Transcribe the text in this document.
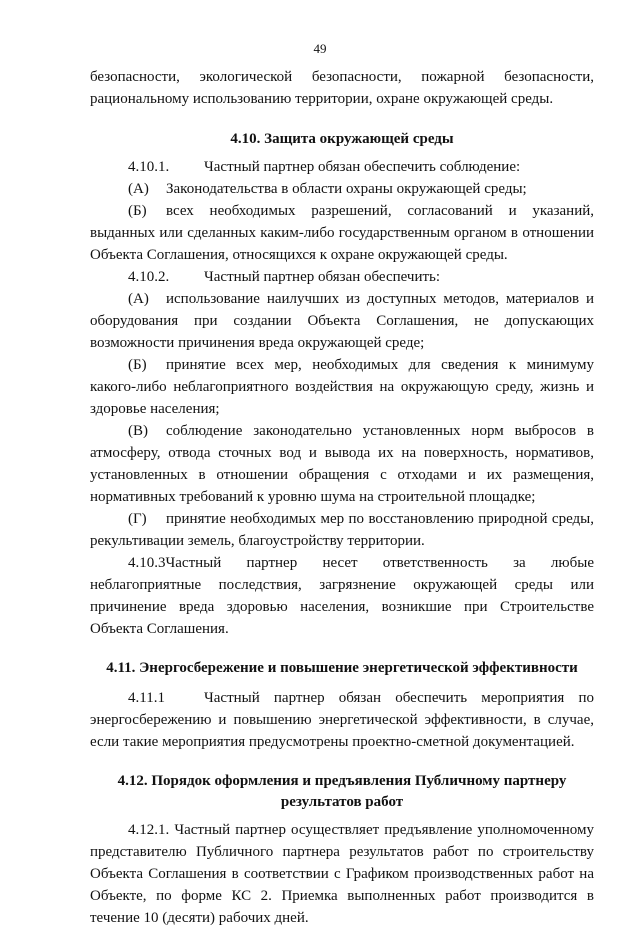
49

безопасности, экологической безопасности, пожарной безопасности, рациональному использованию территории, охране окружающей среды.

4.10. Защита окружающей среды

4.10.1. Частный партнер обязан обеспечить соблюдение:

(А) Законодательства в области охраны окружающей среды;

(Б) всех необходимых разрешений, согласований и указаний, выданных или сделанных каким-либо государственным органом в отношении Объекта Соглашения, относящихся к охране окружающей среды.

4.10.2. Частный партнер обязан обеспечить:

(А) использование наилучших из доступных методов, материалов и оборудования при создании Объекта Соглашения, не допускающих возможности причинения вреда окружающей среде;

(Б) принятие всех мер, необходимых для сведения к минимуму какого-либо неблагоприятного воздействия на окружающую среду, жизнь и здоровье населения;

(В) соблюдение законодательно установленных норм выбросов в атмосферу, отвода сточных вод и вывода их на поверхность, нормативов, установленных в отношении обращения с отходами и их размещения, нормативных требований к уровню шума на строительной площадке;

(Г) принятие необходимых мер по восстановлению природной среды, рекультивации земель, благоустройству территории.

4.10.3Частный партнер несет ответственность за любые неблагоприятные последствия, загрязнение окружающей среды или причинение вреда здоровью населения, возникшие при Строительстве Объекта Соглашения.

4.11. Энергосбережение и повышение энергетической эффективности

4.11.1	Частный партнер обязан обеспечить мероприятия по энергосбережению и повышению энергетической эффективности, в случае, если такие мероприятия предусмотрены проектно-сметной документацией.

4.12. Порядок оформления и предъявления Публичному партнеру результатов работ

4.12.1. Частный партнер осуществляет предъявление уполномоченному представителю Публичного партнера результатов работ по строительству Объекта Соглашения в соответствии с Графиком производственных работ на Объекте, по форме КС 2. Приемка выполненных работ производится в течение 10 (десяти) рабочих дней.
